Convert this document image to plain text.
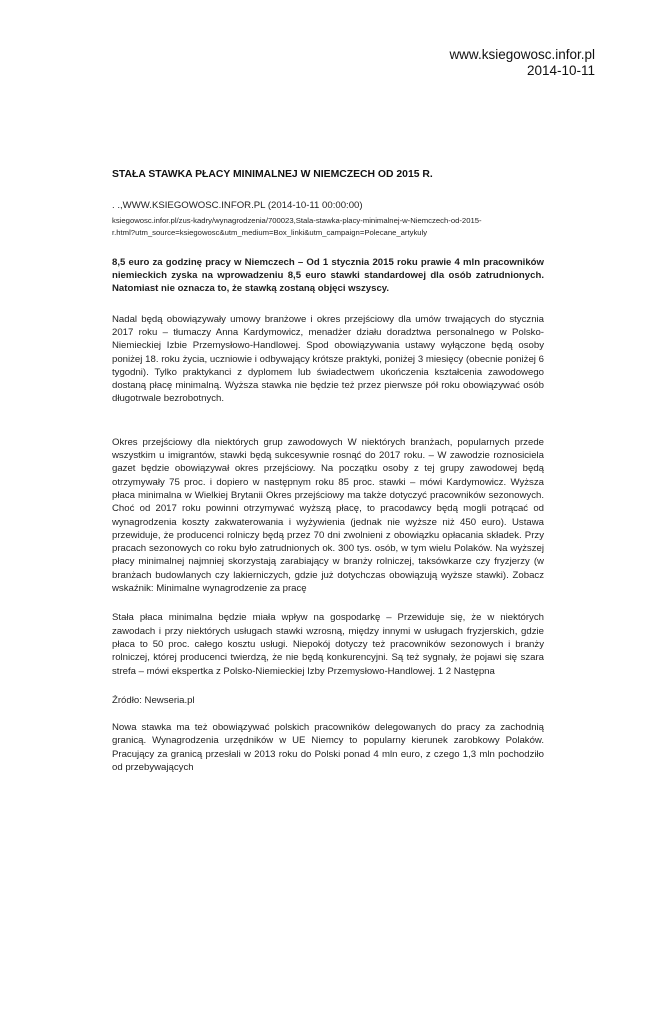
www.ksiegowosc.infor.pl
2014-10-11
STAŁA STAWKA PŁACY MINIMALNEJ W NIEMCZECH OD 2015 R.
. .,WWW.KSIEGOWOSC.INFOR.PL (2014-10-11 00:00:00)
ksiegowosc.infor.pl/zus-kadry/wynagrodzenia/700023,Stala-stawka-placy-minimalnej-w-Niemczech-od-2015-
r.html?utm_source=ksiegowosc&utm_medium=Box_linki&utm_campaign=Polecane_artykuly

8,5 euro za godzinę pracy w Niemczech – Od 1 stycznia 2015 roku prawie 4 mln pracowników niemieckich zyska na wprowadzeniu 8,5 euro stawki standardowej dla osób zatrudnionych. Natomiast nie oznacza to, że stawką zostaną objęci wszyscy.

Nadal będą obowiązywały umowy branżowe i okres przejściowy dla umów trwających do stycznia 2017 roku – tłumaczy Anna Kardymowicz, menadżer działu doradztwa personalnego w Polsko-Niemieckiej Izbie Przemysłowo-Handlowej. Spod obowiązywania ustawy wyłączone będą osoby poniżej 18. roku życia, uczniowie i odbywający krótsze praktyki, poniżej 3 miesięcy (obecnie poniżej 6 tygodni). Tylko praktykanci z dyplomem lub świadectwem ukończenia kształcenia zawodowego dostaną płacę minimalną. Wyższa stawka nie będzie też przez pierwsze pół roku obowiązywać osób długotrwale bezrobotnych.

Okres przejściowy dla niektórych grup zawodowych W niektórych branżach, popularnych przede wszystkim u imigrantów, stawki będą sukcesywnie rosnąć do 2017 roku. – W zawodzie roznosiciela gazet będzie obowiązywał okres przejściowy. Na początku osoby z tej grupy zawodowej będą otrzymywały 75 proc. i dopiero w następnym roku 85 proc. stawki – mówi Kardymowicz. Wyższa płaca minimalna w Wielkiej Brytanii Okres przejściowy ma także dotyczyć pracowników sezonowych. Choć od 2017 roku powinni otrzymywać wyższą płacę, to pracodawcy będą mogli potrącać od wynagrodzenia koszty zakwaterowania i wyżywienia (jednak nie wyższe niż 450 euro). Ustawa przewiduje, że producenci rolniczy będą przez 70 dni zwolnieni z obowiązku opłacania składek. Przy pracach sezonowych co roku było zatrudnionych ok. 300 tys. osób, w tym wielu Polaków. Na wyższej płacy minimalnej najmniej skorzystają zarabiający w branży rolniczej, taksówkarze czy fryzjerzy (w branżach budowlanych czy lakierniczych, gdzie już dotychczas obowiązują wyższe stawki). Zobacz wskaźnik: Minimalne wynagrodzenie za pracę

Stała płaca minimalna będzie miała wpływ na gospodarkę – Przewiduje się, że w niektórych zawodach i przy niektórych usługach stawki wzrosną, między innymi w usługach fryzjerskich, gdzie płaca to 50 proc. całego kosztu usługi. Niepokój dotyczy też pracowników sezonowych i branży rolniczej, której producenci twierdzą, że nie będą konkurencyjni. Są też sygnały, że pojawi się szara strefa – mówi ekspertka z Polsko-Niemieckiej Izby Przemysłowo-Handlowej. 1 2 Następna

Źródło: Newseria.pl

Nowa stawka ma też obowiązywać polskich pracowników delegowanych do pracy za zachodnią granicą. Wynagrodzenia urzędników w UE Niemcy to popularny kierunek zarobkowy Polaków. Pracujący za granicą przesłali w 2013 roku do Polski ponad 4 mln euro, z czego 1,3 mln pochodziło od przebywających
